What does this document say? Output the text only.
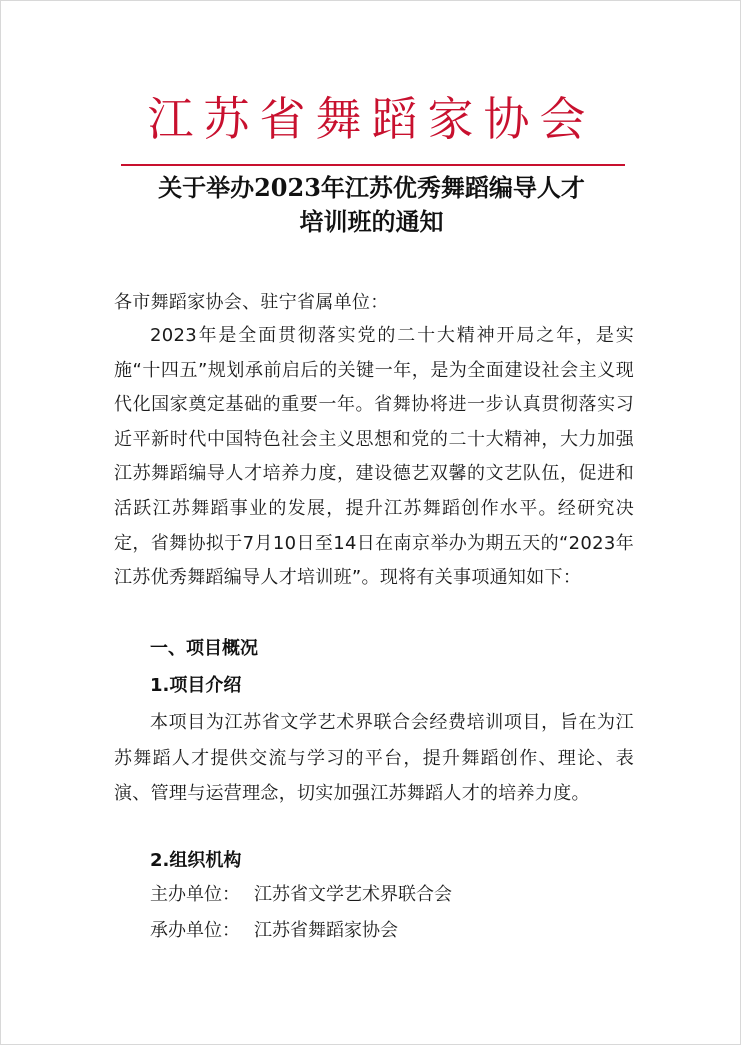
江苏省舞蹈家协会
关于举办2023年江苏优秀舞蹈编导人才
培训班的通知
各市舞蹈家协会、驻宁省属单位：
2023年是全面贯彻落实党的二十大精神开局之年，是实施“十四五”规划承前启后的关键一年，是为全面建设社会主义现代化国家奠定基础的重要一年。省舞协将进一步认真贯彻落实习近平新时代中国特色社会主义思想和党的二十大精神，大力加强江苏舞蹈编导人才培养力度，建设德艺双馨的文艺队伍，促进和活跃江苏舞蹈事业的发展，提升江苏舞蹈创作水平。经研究决定，省舞协拟于7月10日至14日在南京举办为期五天的“2023年江苏优秀舞蹈编导人才培训班”。现将有关事项通知如下：
一、项目概况
1.项目介绍
本项目为江苏省文学艺术界联合会经费培训项目，旨在为江苏舞蹈人才提供交流与学习的平台，提升舞蹈创作、理论、表演、管理与运营理念，切实加强江苏舞蹈人才的培养力度。
2.组织机构
主办单位： 江苏省文学艺术界联合会
承办单位： 江苏省舞蹈家协会
